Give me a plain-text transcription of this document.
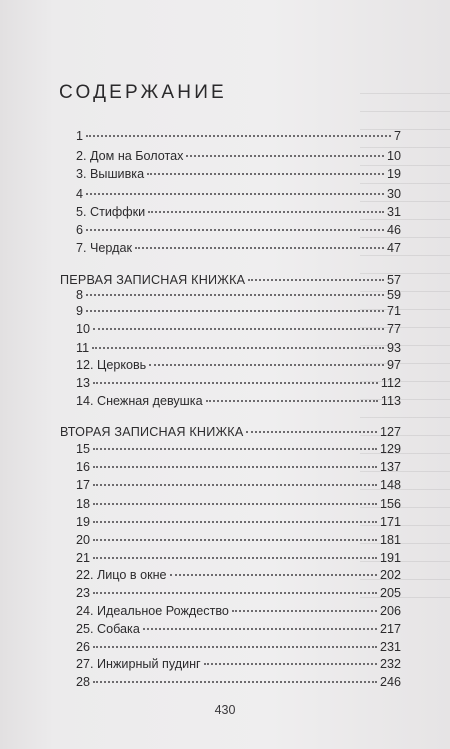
СОДЕРЖАНИЕ
1	7
2. Дом на Болотах	10
3. Вышивка	19
4	30
5. Стиффки	31
6	46
7. Чердак	47
ПЕРВАЯ ЗАПИСНАЯ КНИЖКА	57
8	59
9	71
10	77
11	93
12. Церковь	97
13	112
14. Снежная девушка	113
ВТОРАЯ ЗАПИСНАЯ КНИЖКА	127
15	129
16	137
17	148
18	156
19	171
20	181
21	191
22. Лицо в окне	202
23	205
24. Идеальное Рождество	206
25. Собака	217
26	231
27. Инжирный пудинг	232
28	246
430
